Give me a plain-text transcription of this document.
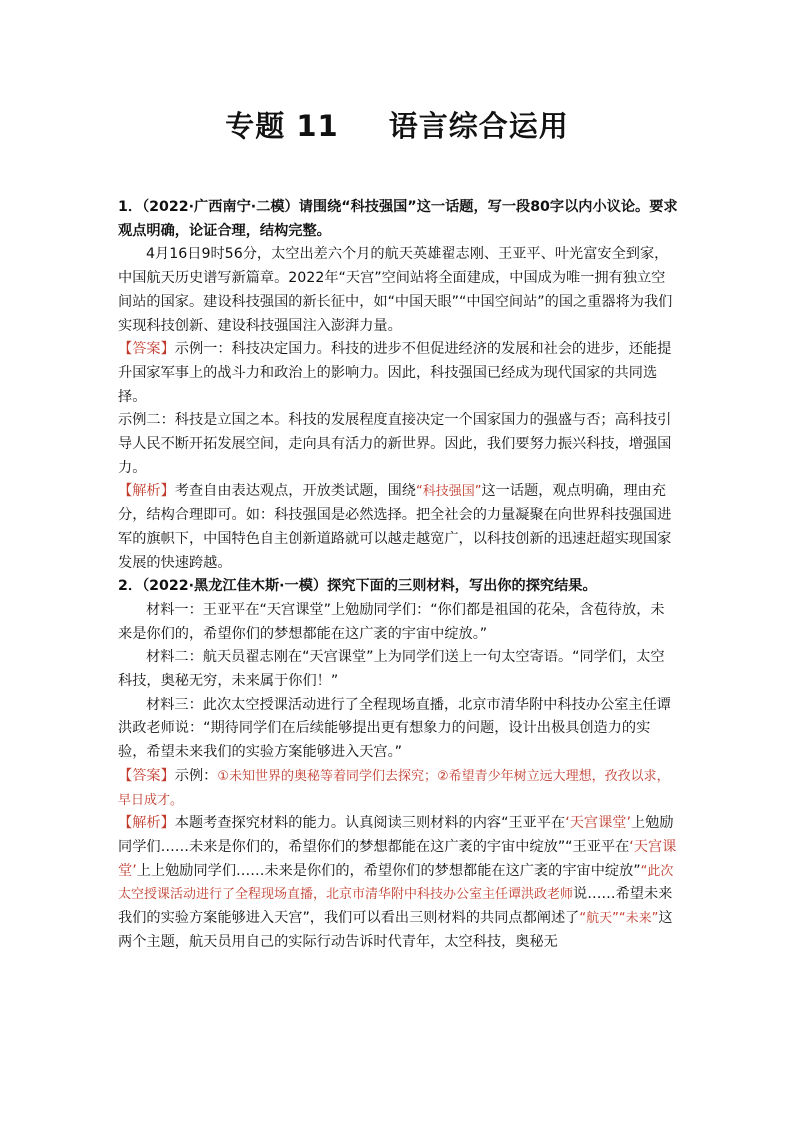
专题 11 语言综合运用

1．（2022·广西南宁·二模）请围绕“科技强国”这一话题，写一段80字以内小议论。要求观点明确，论证合理，结构完整。

4月16日9时56分，太空出差六个月的航天英雄翟志刚、王亚平、叶光富安全到家，中国航天历史谱写新篇章。2022年“天宫”空间站将全面建成，中国成为唯一拥有独立空间站的国家。建设科技强国的新长征中，如“中国天眼”“中国空间站”的国之重器将为我们实现科技创新、建设科技强国注入澎湃力量。

【答案】示例一：科技决定国力。科技的进步不但促进经济的发展和社会的进步，还能提升国家军事上的战斗力和政治上的影响力。因此，科技强国已经成为现代国家的共同选择。

示例二：科技是立国之本。科技的发展程度直接决定一个国家国力的强盛与否；高科技引导人民不断开拓发展空间，走向具有活力的新世界。因此，我们要努力振兴科技，增强国力。

【解析】考查自由表达观点，开放类试题，围绕“科技强国”这一话题，观点明确，理由充分，结构合理即可。如：科技强国是必然选择。把全社会的力量凝聚在向世界科技强国进军的旗帜下，中国特色自主创新道路就可以越走越宽广，以科技创新的迅速赶超实现国家发展的快速跨越。

2．（2022·黑龙江佳木斯·一模）探究下面的三则材料，写出你的探究结果。

材料一：王亚平在“天宫课堂”上勉励同学们：“你们都是祖国的花朵，含苞待放，未来是你们的，希望你们的梦想都能在这广袤的宇宙中绽放。”

材料二：航天员翟志刚在“天宫课堂”上为同学们送上一句太空寄语。“同学们，太空科技，奥秘无穷，未来属于你们！”

材料三：此次太空授课活动进行了全程现场直播，北京市清华附中科技办公室主任谭洪政老师说：“期待同学们在后续能够提出更有想象力的问题，设计出极具创造力的实验，希望未来我们的实验方案能够进入天宫。”

【答案】示例：①未知世界的奥秘等着同学们去探究；②希望青少年树立远大理想，孜孜以求，早日成才。

【解析】本题考查探究材料的能力。认真阅读三则材料的内容“王亚平在‘天宫课堂’上勉励同学们……未来是你们的，希望你们的梦想都能在这广袤的宇宙中绽放”“王亚平在‘天宫课堂’上上勉励同学们……未来是你们的，希望你们的梦想都能在这广袤的宇宙中绽放”“此次太空授课活动进行了全程现场直播，北京市清华附中科技办公室主任谭洪政老师说……希望未来我们的实验方案能够进入天宫”，我们可以看出三则材料的共同点都阐述了“航天”“未来”这两个主题，航天员用自己的实际行动告诉时代青年，太空科技，奥秘无
